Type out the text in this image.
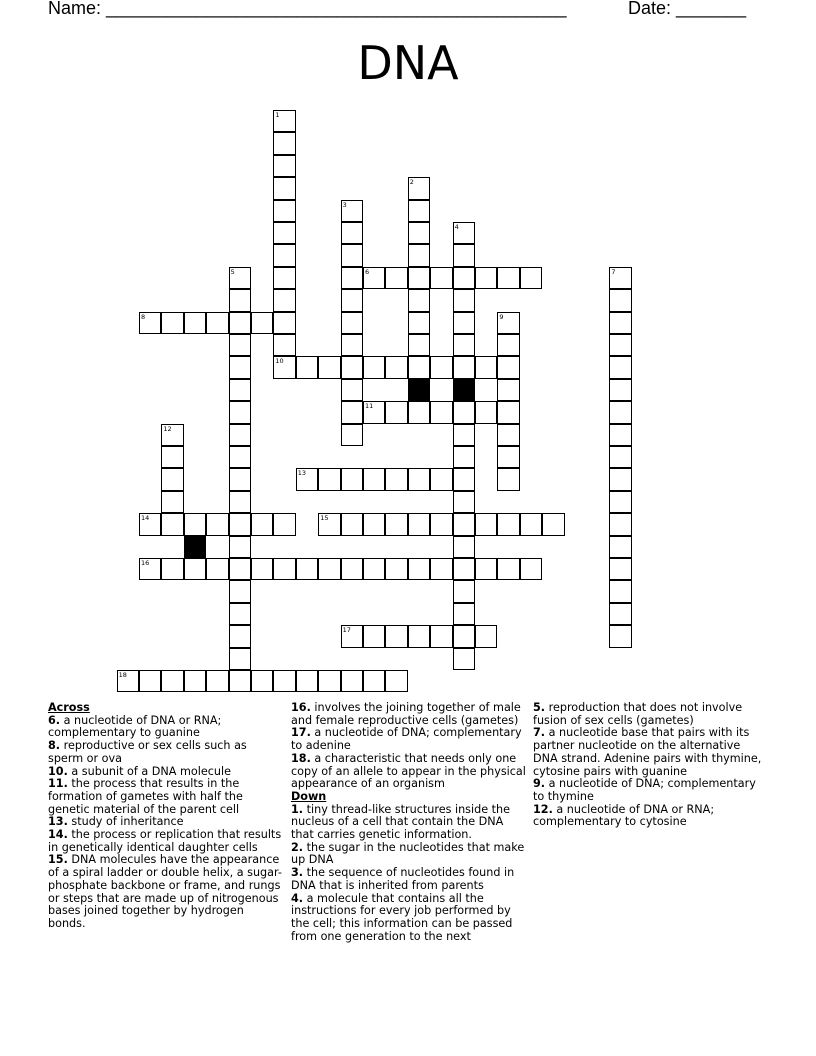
Name: ______________________________________________	Date: _______
DNA
1
2
3
4
5	6	7
8	9
10
11
12
13
14	15
16
17
18
Across

6. a nucleotide of DNA or RNA; complementary to guanine

8. reproductive or sex cells such as sperm or ova

10. a subunit of a DNA molecule

11. the process that results in the formation of gametes with half the genetic material of the parent cell

13. study of inheritance

14. the process or replication that results in genetically identical daughter cells

15. DNA molecules have the appearance of a spiral ladder or double helix, a sugar-phosphate backbone or frame, and rungs or steps that are made up of nitrogenous bases joined together by hydrogen bonds.

16. involves the joining together of male and female reproductive cells (gametes)

17. a nucleotide of DNA; complementary to adenine

18. a characteristic that needs only one copy of an allele to appear in the physical appearance of an organism

Down

1. tiny thread-like structures inside the nucleus of a cell that contain the DNA that carries genetic information.

2. the sugar in the nucleotides that make up DNA

3. the sequence of nucleotides found in DNA that is inherited from parents

4. a molecule that contains all the instructions for every job performed by the cell; this information can be passed from one generation to the next

5. reproduction that does not involve fusion of sex cells (gametes)

7. a nucleotide base that pairs with its partner nucleotide on the alternative DNA strand. Adenine pairs with thymine, cytosine pairs with guanine

9. a nucleotide of DNA; complementary to thymine

12. a nucleotide of DNA or RNA; complementary to cytosine
